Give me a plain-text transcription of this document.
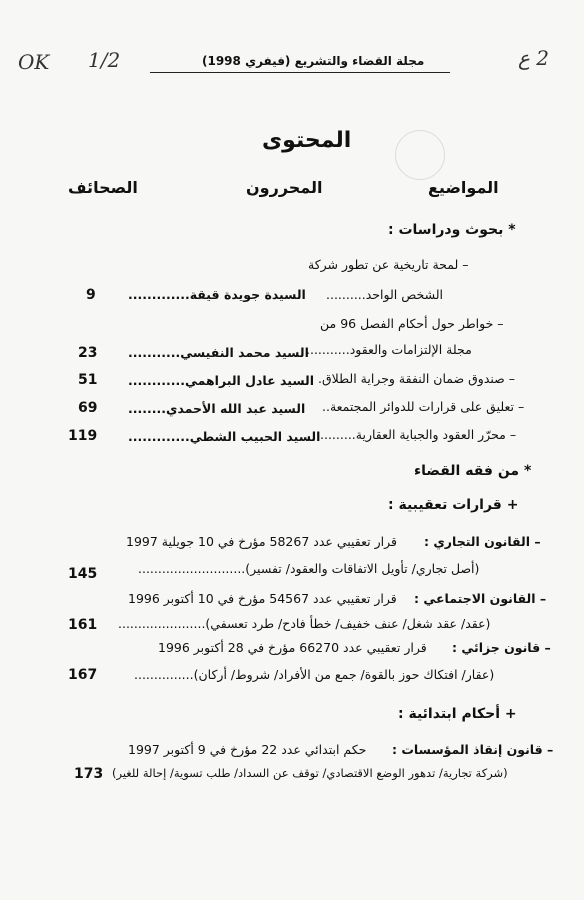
OK 1/2	2 ع
مجلة القضاء والتشريع (فيفري 1998)
المحتوى
المواضيع
المحررون
الصحائف
* بحوث ودراسات :
– لمحة تاريخية عن تطور شركة
الشخص الواحد..........
السيدة جويدة قيقة.............
9
– خواطر حول أحكام الفصل 96 من
مجلة الإلتزامات والعقود...........
السيد محمد النفيسي...........
23
– صندوق ضمان النفقة وجراية الطلاق.
السيد عادل البراهمي............
51
– تعليق على قرارات للدوائر المجتمعة..
السيد عبد الله الأحمدي........
69
– محرّر العقود والجباية العقارية.........
السيد الحبيب الشطي.............
119
* من فقه القضاء
+ قرارات تعقيبية :
– القانون التجاري :
قرار تعقيبي عدد 58267 مؤرخ في 10 جويلية 1997
(أصل تجاري/ تأويل الاتفاقات والعقود/ تفسير)...........................
145
– القانون الاجتماعي :
قرار تعقيبي عدد 54567 مؤرخ في 10 أكتوبر 1996
(عقد/ عقد شغل/ عنف خفيف/ خطأ فادح/ طرد تعسفي)......................
161
– قانون جزائي :
قرار تعقيبي عدد 66270 مؤرخ في 28 أكتوبر 1996
(عقار/ افتكاك حوز بالقوة/ جمع من الأفراد/ شروط/ أركان)...............
167
+ أحكام ابتدائية :
– قانون إنقاذ المؤسسات :
حكم ابتدائي عدد 22 مؤرخ في 9 أكتوبر 1997
(شركة تجارية/ تدهور الوضع الاقتصادي/ توقف عن السداد/ طلب تسوية/ إحالة للغير)
173
